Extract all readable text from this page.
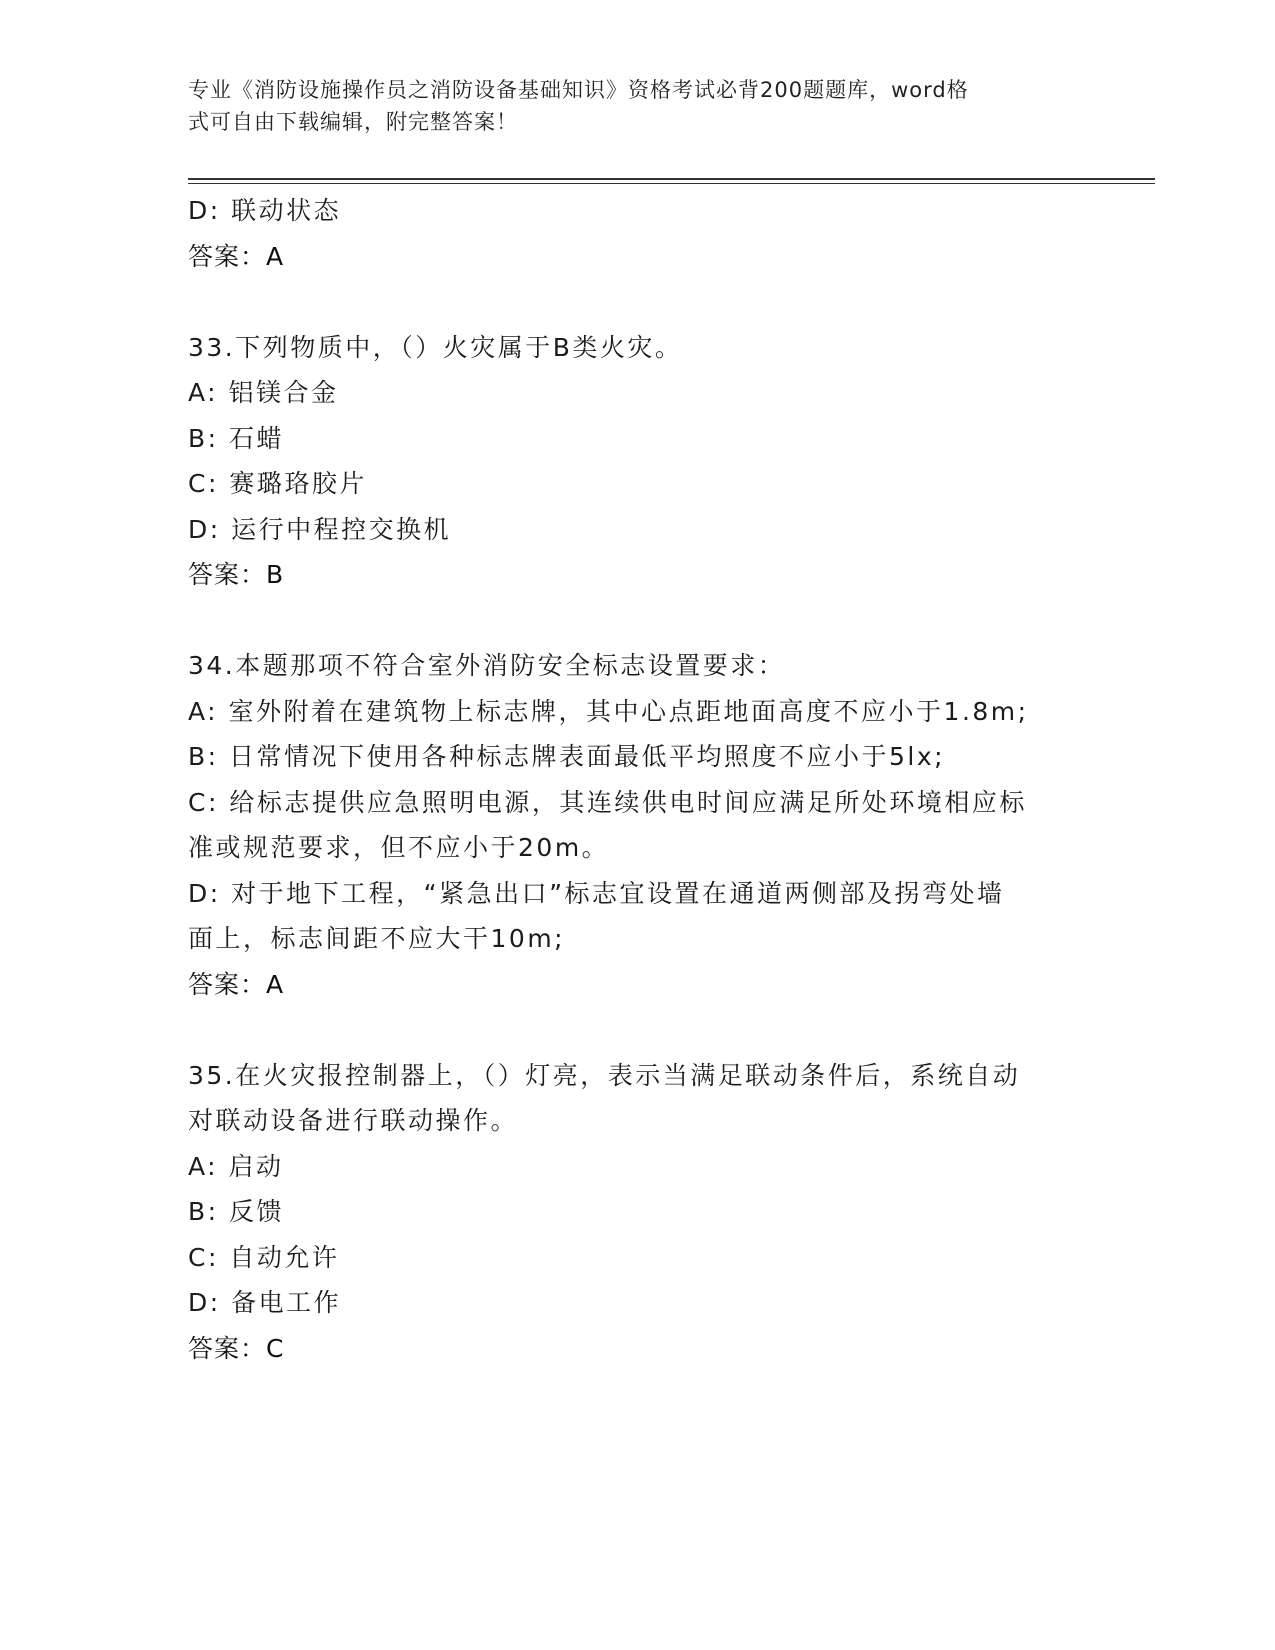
专业《消防设施操作员之消防设备基础知识》资格考试必背200题题库，word格
式可自由下载编辑，附完整答案！
D: 联动状态
答案：A
33.下列物质中，（）火灾属于B类火灾。
A: 铝镁合金
B: 石蜡
C: 赛璐珞胶片
D: 运行中程控交换机
答案：B
34.本题那项不符合室外消防安全标志设置要求：
A: 室外附着在建筑物上标志牌，其中心点距地面高度不应小于1.8m;
B: 日常情况下使用各种标志牌表面最低平均照度不应小于5lx;
C: 给标志提供应急照明电源，其连续供电时间应满足所处环境相应标
准或规范要求，但不应小于20m。
D: 对于地下工程，“紧急出口”标志宜设置在通道两侧部及拐弯处墙
面上，标志间距不应大干10m;
答案：A
35.在火灾报控制器上，（）灯亮，表示当满足联动条件后，系统自动
对联动设备进行联动操作。
A: 启动
B: 反馈
C: 自动允许
D: 备电工作
答案：C
